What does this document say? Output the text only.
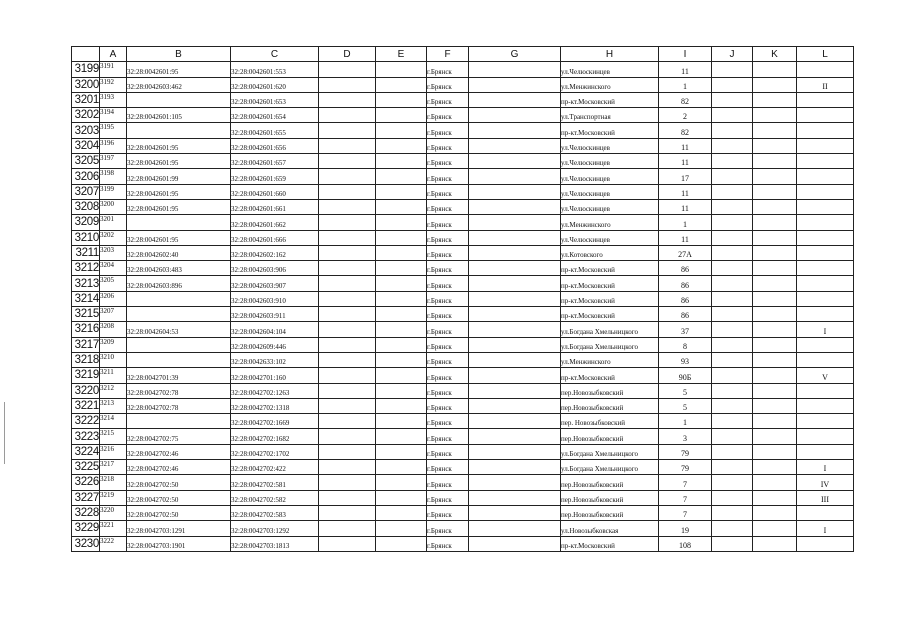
	A	B	C	D	E	F	G	H	I	J	K	L
3199	3191	32:28:0042601:95	32:28:0042601:553			г.Брянск		ул.Челюскинцев	11			
3200	3192	32:28:0042603:462	32:28:0042601:620			г.Брянск		ул.Менжинского	1			II
3201	3193		32:28:0042601:653			г.Брянск		пр-кт.Московский	82			
3202	3194	32:28:0042601:105	32:28:0042601:654			г.Брянск		ул.Транспортная	2			
3203	3195		32:28:0042601:655			г.Брянск		пр-кт.Московский	82			
3204	3196	32:28:0042601:95	32:28:0042601:656			г.Брянск		ул.Челюскинцев	11			
3205	3197	32:28:0042601:95	32:28:0042601:657			г.Брянск		ул.Челюскинцев	11			
3206	3198	32:28:0042601:99	32:28:0042601:659			г.Брянск		ул.Челюскинцев	17			
3207	3199	32:28:0042601:95	32:28:0042601:660			г.Брянск		ул.Челюскинцев	11			
3208	3200	32:28:0042601:95	32:28:0042601:661			г.Брянск		ул.Челюскинцев	11			
3209	3201		32:28:0042601:662			г.Брянск		ул.Менжинского	1			
3210	3202	32:28:0042601:95	32:28:0042601:666			г.Брянск		ул.Челюскинцев	11			
3211	3203	32:28:0042602:40	32:28:0042602:162			г.Брянск		ул.Котовского	27А			
3212	3204	32:28:0042603:483	32:28:0042603:906			г.Брянск		пр-кт.Московский	86			
3213	3205	32:28:0042603:896	32:28:0042603:907			г.Брянск		пр-кт.Московский	86			
3214	3206		32:28:0042603:910			г.Брянск		пр-кт.Московский	86			
3215	3207		32:28:0042603:911			г.Брянск		пр-кт.Московский	86			
3216	3208	32:28:0042604:53	32:28:0042604:104			г.Брянск		ул.Богдана Хмельницкого	37			I
3217	3209		32:28:0042609:446			г.Брянск		ул.Богдана Хмельницкого	8			
3218	3210		32:28:0042633:102			г.Брянск		ул.Менжинского	93			
3219	3211	32:28:0042701:39	32:28:0042701:160			г.Брянск		пр-кт.Московский	90Б			V
3220	3212	32:28:0042702:78	32:28:0042702:1263			г.Брянск		пер.Новозыбковский	5			
3221	3213	32:28:0042702:78	32:28:0042702:1318			г.Брянск		пер.Новозыбковский	5			
3222	3214		32:28:0042702:1669			г.Брянск		пер. Новозыбковский	1			
3223	3215	32:28:0042702:75	32:28:0042702:1682			г.Брянск		пер.Новозыбковский	3			
3224	3216	32:28:0042702:46	32:28:0042702:1702			г.Брянск		ул.Богдана Хмельницкого	79			
3225	3217	32:28:0042702:46	32:28:0042702:422			г.Брянск		ул.Богдана Хмельницкого	79			I
3226	3218	32:28:0042702:50	32:28:0042702:581			г.Брянск		пер.Новозыбковский	7			IV
3227	3219	32:28:0042702:50	32:28:0042702:582			г.Брянск		пер.Новозыбковский	7			III
3228	3220	32:28:0042702:50	32:28:0042702:583			г.Брянск		пер.Новозыбковский	7			
3229	3221	32:28:0042703:1291	32:28:0042703:1292			г.Брянск		ул.Новозыбковская	19			I
3230	3222	32:28:0042703:1901	32:28:0042703:1813			г.Брянск		пр-кт.Московский	108			
